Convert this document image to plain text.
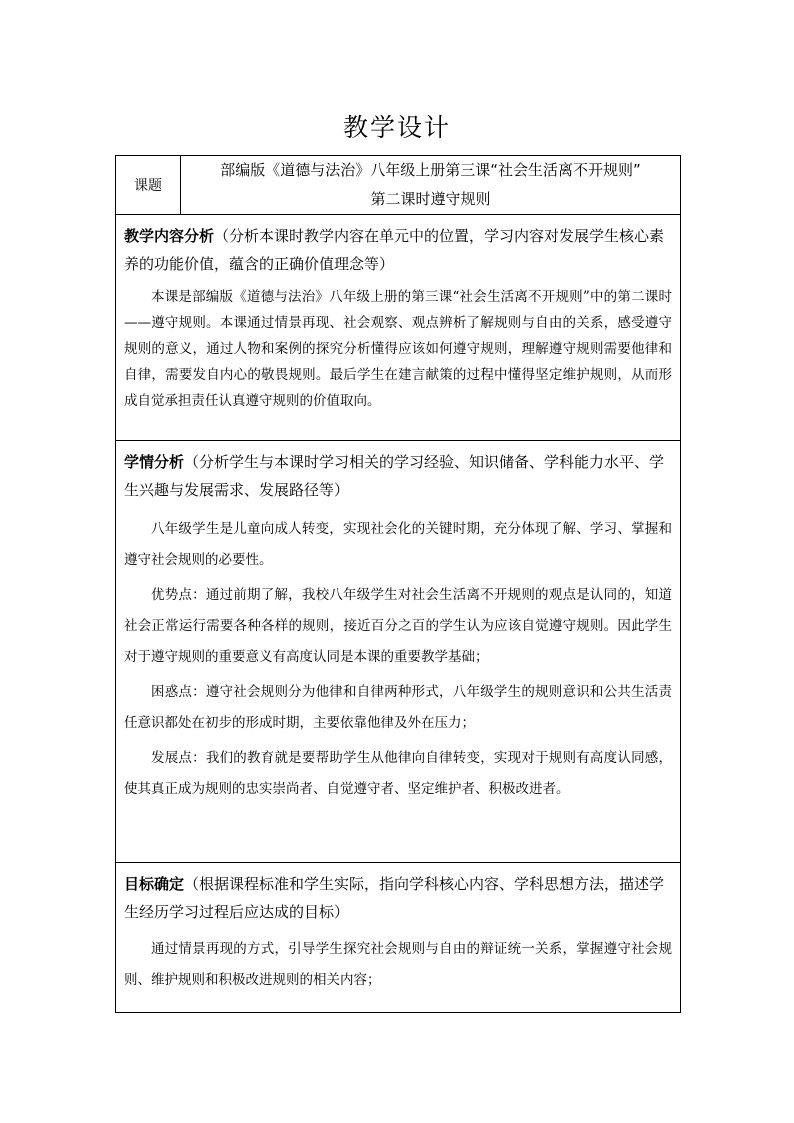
教学设计
课题	
部编版《道德与法治》八年级上册第三课“社会生活离不开规则”
第二课时遵守规则

教学内容分析（分析本课时教学内容在单元中的位置，学习内容对发展学生核心素养的功能价值，蕴含的正确价值理念等）

本课是部编版《道德与法治》八年级上册的第三课“社会生活离不开规则”中的第二课时——遵守规则。本课通过情景再现、社会观察、观点辨析了解规则与自由的关系，感受遵守规则的意义，通过人物和案例的探究分析懂得应该如何遵守规则，理解遵守规则需要他律和自律，需要发自内心的敬畏规则。最后学生在建言献策的过程中懂得坚定维护规则，从而形成自觉承担责任认真遵守规则的价值取向。

学情分析（分析学生与本课时学习相关的学习经验、知识储备、学科能力水平、学生兴趣与发展需求、发展路径等）

八年级学生是儿童向成人转变，实现社会化的关键时期，充分体现了解、学习、掌握和遵守社会规则的必要性。

优势点：通过前期了解，我校八年级学生对社会生活离不开规则的观点是认同的，知道社会正常运行需要各种各样的规则，接近百分之百的学生认为应该自觉遵守规则。因此学生对于遵守规则的重要意义有高度认同是本课的重要教学基础；

困惑点：遵守社会规则分为他律和自律两种形式，八年级学生的规则意识和公共生活责任意识都处在初步的形成时期，主要依靠他律及外在压力；

发展点：我们的教育就是要帮助学生从他律向自律转变，实现对于规则有高度认同感，使其真正成为规则的忠实崇尚者、自觉遵守者、坚定维护者、积极改进者。

目标确定（根据课程标准和学生实际，指向学科核心内容、学科思想方法，描述学生经历学习过程后应达成的目标）

通过情景再现的方式，引导学生探究社会规则与自由的辩证统一关系，掌握遵守社会规则、维护规则和积极改进规则的相关内容；
